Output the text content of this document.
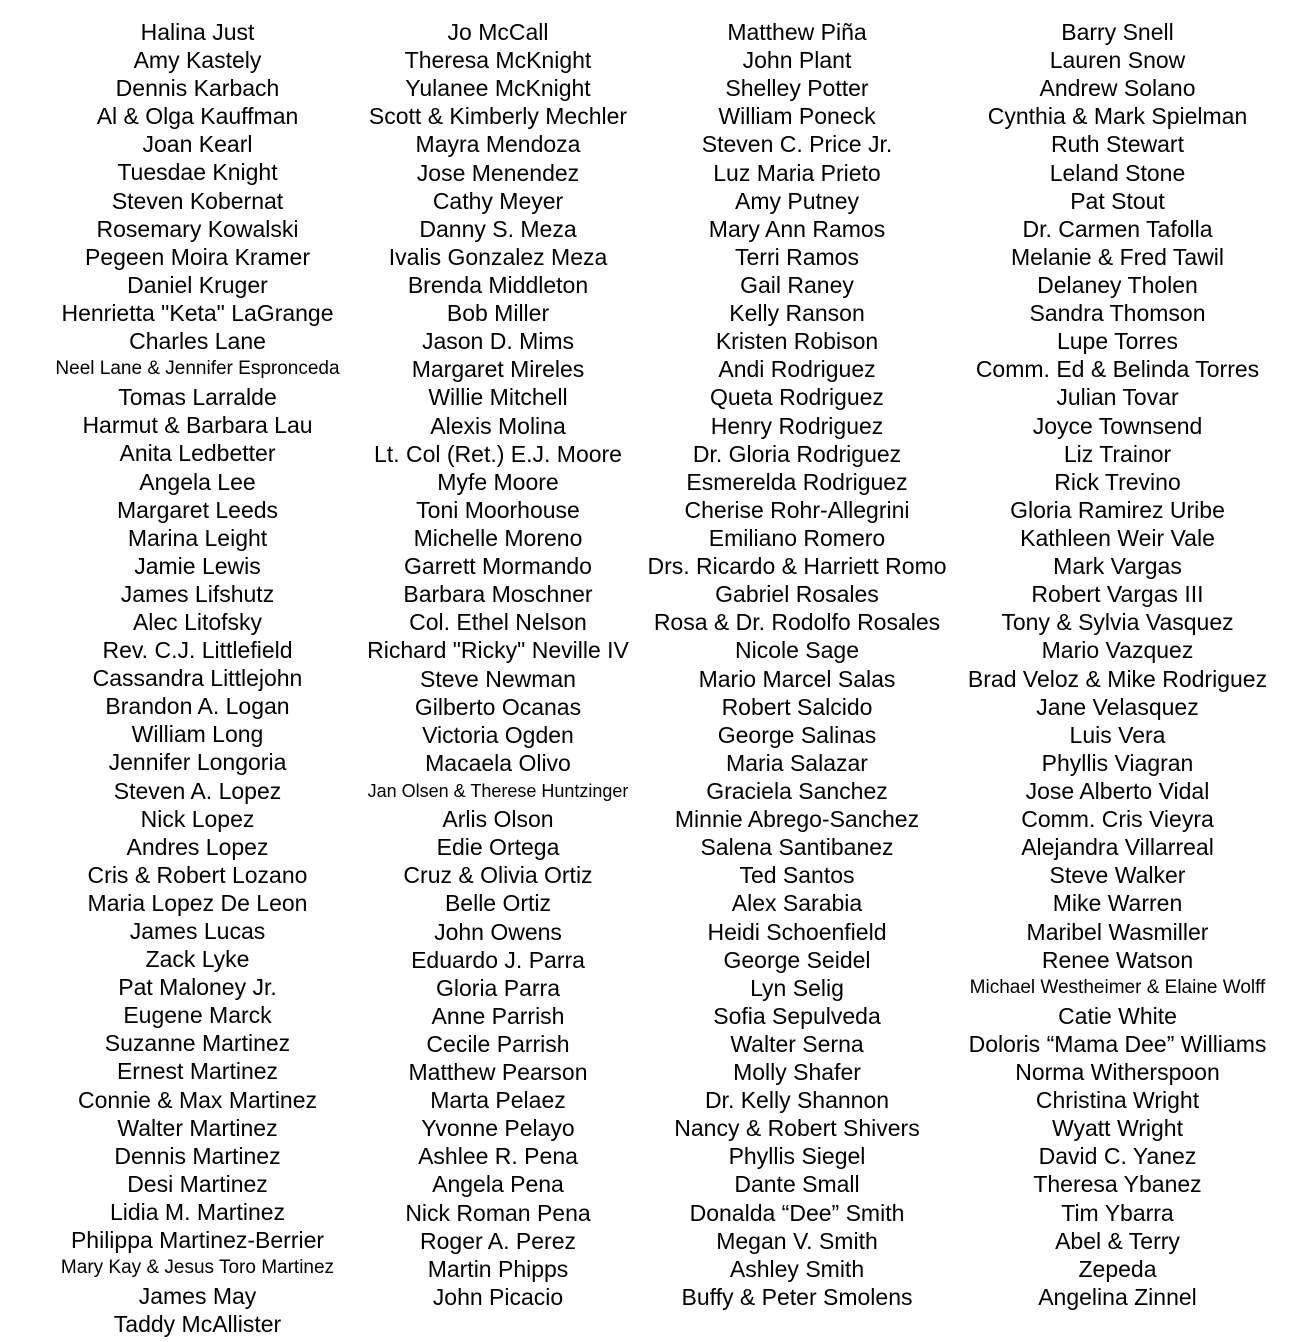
Halina Just
Amy Kastely
Dennis Karbach
Al & Olga Kauffman
Joan Kearl
Tuesdae Knight
Steven Kobernat
Rosemary Kowalski
Pegeen Moira Kramer
Daniel Kruger
Henrietta "Keta" LaGrange
Charles Lane
Neel Lane & Jennifer Espronceda
Tomas Larralde
Harmut & Barbara Lau
Anita Ledbetter
Angela Lee
Margaret Leeds
Marina Leight
Jamie Lewis
James Lifshutz
Alec Litofsky
Rev. C.J. Littlefield
Cassandra Littlejohn
Brandon A. Logan
William Long
Jennifer Longoria
Steven A. Lopez
Nick Lopez
Andres Lopez
Cris & Robert Lozano
Maria Lopez De Leon
James Lucas
Zack Lyke
Pat Maloney Jr.
Eugene Marck
Suzanne Martinez
Ernest Martinez
Connie & Max Martinez
Walter Martinez
Dennis Martinez
Desi Martinez
Lidia M. Martinez
Philippa Martinez-Berrier
Mary Kay & Jesus Toro Martinez
James May
Taddy McAllister
Jo McCall
Theresa McKnight
Yulanee McKnight
Scott & Kimberly Mechler
Mayra Mendoza
Jose Menendez
Cathy Meyer
Danny S. Meza
Ivalis Gonzalez Meza
Brenda Middleton
Bob Miller
Jason D. Mims
Margaret Mireles
Willie Mitchell
Alexis Molina
Lt. Col (Ret.) E.J. Moore
Myfe Moore
Toni Moorhouse
Michelle Moreno
Garrett Mormando
Barbara Moschner
Col. Ethel Nelson
Richard "Ricky" Neville IV
Steve Newman
Gilberto Ocanas
Victoria Ogden
Macaela Olivo
Jan Olsen & Therese Huntzinger
Arlis Olson
Edie Ortega
Cruz & Olivia Ortiz
Belle Ortiz
John Owens
Eduardo J. Parra
Gloria Parra
Anne Parrish
Cecile Parrish
Matthew Pearson
Marta Pelaez
Yvonne Pelayo
Ashlee R. Pena
Angela Pena
Nick Roman Pena
Roger A. Perez
Martin Phipps
John Picacio
Matthew Piña
John Plant
Shelley Potter
William Poneck
Steven C. Price Jr.
Luz Maria Prieto
Amy Putney
Mary Ann Ramos
Terri Ramos
Gail Raney
Kelly Ranson
Kristen Robison
Andi Rodriguez
Queta Rodriguez
Henry Rodriguez
Dr. Gloria Rodriguez
Esmerelda Rodriguez
Cherise Rohr-Allegrini
Emiliano Romero
Drs. Ricardo & Harriett Romo
Gabriel Rosales
Rosa & Dr. Rodolfo Rosales
Nicole Sage
Mario Marcel Salas
Robert Salcido
George Salinas
Maria Salazar
Graciela Sanchez
Minnie Abrego-Sanchez
Salena Santibanez
Ted Santos
Alex Sarabia
Heidi Schoenfield
George Seidel
Lyn Selig
Sofia Sepulveda
Walter Serna
Molly Shafer
Dr. Kelly Shannon
Nancy & Robert Shivers
Phyllis Siegel
Dante Small
Donalda “Dee” Smith
Megan V. Smith
Ashley Smith
Buffy & Peter Smolens
Barry Snell
Lauren Snow
Andrew Solano
Cynthia & Mark Spielman
Ruth Stewart
Leland Stone
Pat Stout
Dr. Carmen Tafolla
Melanie & Fred Tawil
Delaney Tholen
Sandra Thomson
Lupe Torres
Comm. Ed & Belinda Torres
Julian Tovar
Joyce Townsend
Liz Trainor
Rick Trevino
Gloria Ramirez Uribe
Kathleen Weir Vale
Mark Vargas
Robert Vargas III
Tony & Sylvia Vasquez
Mario Vazquez
Brad Veloz & Mike Rodriguez
Jane Velasquez
Luis Vera
Phyllis Viagran
Jose Alberto Vidal
Comm. Cris Vieyra
Alejandra Villarreal
Steve Walker
Mike Warren
Maribel Wasmiller
Renee Watson
Michael Westheimer & Elaine Wolff
Catie White
Doloris “Mama Dee” Williams
Norma Witherspoon
Christina Wright
Wyatt Wright
David C. Yanez
Theresa Ybanez
Tim Ybarra
Abel & Terry
Zepeda
Angelina Zinnel
